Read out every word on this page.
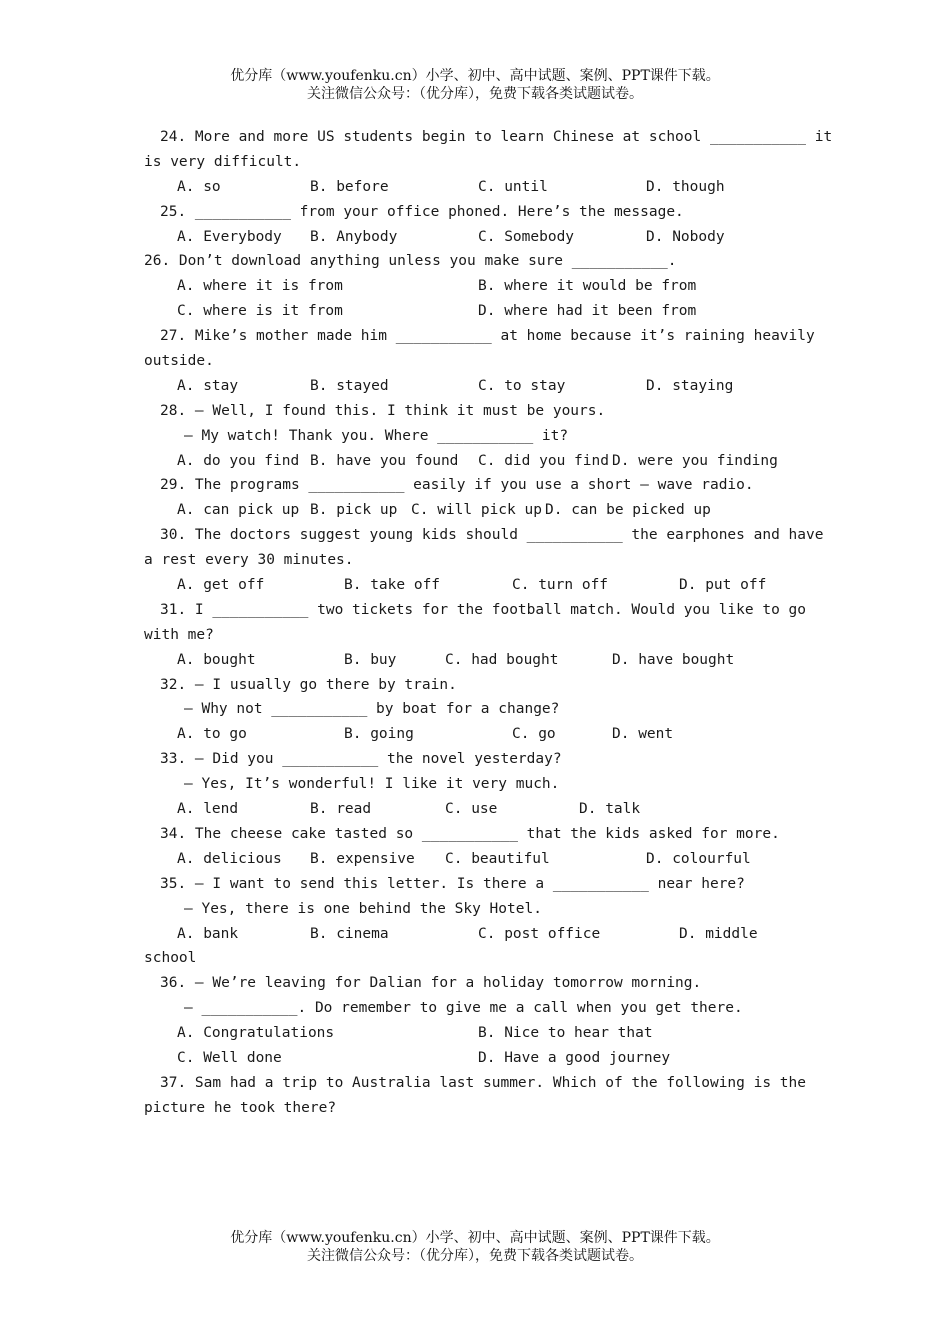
优分库（www.youfenku.cn）小学、初中、高中试题、案例、PPT课件下载。
关注微信公众号：（优分库），免费下载各类试题试卷。
24. More and more US students begin to learn Chinese at school ___________ it
is very difficult.
A. so	B. before	C. until	D. though
25. ___________ from your office phoned. Here’s the message.
A. Everybody B. Anybody	C. Somebody	D. Nobody
26. Don’t download anything unless you make sure ___________.
A. where it is from	B. where it would be from
C. where is it from	D. where had it been from
27. Mike’s mother made him ___________ at home because it’s raining heavily
outside.
A. stay	B. stayed	C. to stay	D. staying
28. — Well, I found this. I think it must be yours.
— My watch! Thank you. Where ___________ it?
A. do you find B. have you found C. did you find D. were you finding
29. The programs ___________ easily if you use a short — wave radio.
A. can pick up B. pick up C. will pick up D. can be picked up
30. The doctors suggest young kids should ___________ the earphones and have
a rest every 30 minutes.
A. get off	B. take off	C. turn off	D. put off
31. I ___________ two tickets for the football match. Would you like to go
with me?
A. bought	B. buy	C. had bought	D. have bought
32. — I usually go there by train.
— Why not ___________ by boat for a change?
A. to go	B. going	C. go	D. went
33. — Did you ___________ the novel yesterday?
— Yes, It’s wonderful! I like it very much.
A. lend	B. read	C. use	D. talk
34. The cheese cake tasted so ___________ that the kids asked for more.
A. delicious B. expensive C. beautiful	D. colourful
35. — I want to send this letter. Is there a ___________ near here?
— Yes, there is one behind the Sky Hotel.
A. bank	B. cinema	C. post office	D. middle
school
36. — We’re leaving for Dalian for a holiday tomorrow morning.
— ___________. Do remember to give me a call when you get there.
A. Congratulations	B. Nice to hear that
C. Well done	D. Have a good journey
37. Sam had a trip to Australia last summer. Which of the following is the
picture he took there?
优分库（www.youfenku.cn）小学、初中、高中试题、案例、PPT课件下载。
关注微信公众号：（优分库），免费下载各类试题试卷。
